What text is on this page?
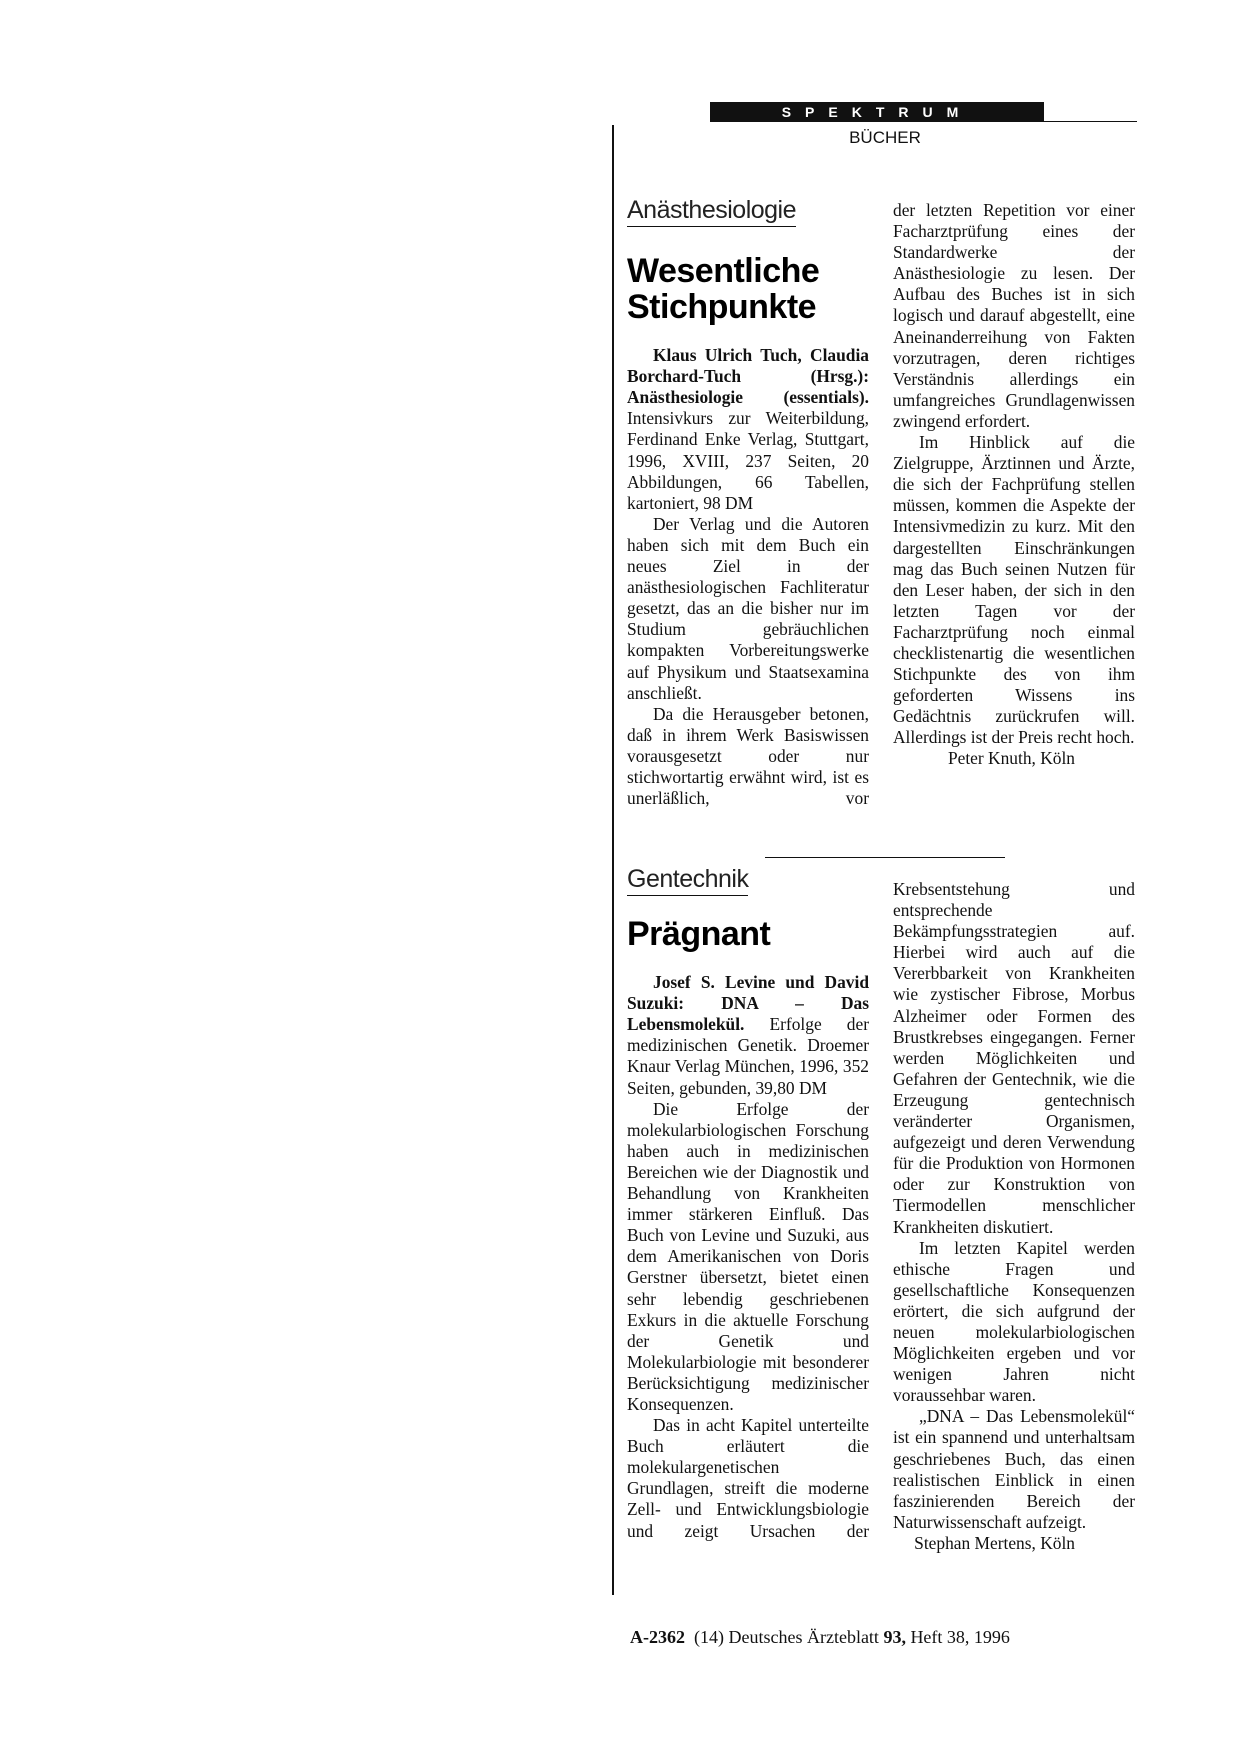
SPEKTRUM
BÜCHER
Anästhesiologie
Wesentliche
Stichpunkte

Klaus Ulrich Tuch, Claudia Borchard-Tuch (Hrsg.): Anästhesiologie (essentials). Intensivkurs zur Weiterbildung, Ferdinand Enke Verlag, Stuttgart, 1996, XVIII, 237 Seiten, 20 Abbildungen, 66 Tabellen, kartoniert, 98 DM

Der Verlag und die Autoren haben sich mit dem Buch ein neues Ziel in der anästhesiologischen Fachliteratur gesetzt, das an die bisher nur im Studium gebräuchlichen kompakten Vorbereitungswerke auf Physikum und Staatsexamina anschließt.

Da die Herausgeber betonen, daß in ihrem Werk Basiswissen vorausgesetzt oder nur stichwortartig erwähnt wird, ist es unerläßlich, vor

der letzten Repetition vor einer Facharztprüfung eines der Standardwerke der Anästhesiologie zu lesen. Der Aufbau des Buches ist in sich logisch und darauf abgestellt, eine Aneinanderreihung von Fakten vorzutragen, deren richtiges Verständnis allerdings ein umfangreiches Grundlagenwissen zwingend erfordert.

Im Hinblick auf die Zielgruppe, Ärztinnen und Ärzte, die sich der Fachprüfung stellen müssen, kommen die Aspekte der Intensivmedizin zu kurz. Mit den dargestellten Einschränkungen mag das Buch seinen Nutzen für den Leser haben, der sich in den letzten Tagen vor der Facharztprüfung noch einmal checklistenartig die wesentlichen Stichpunkte des von ihm geforderten Wissens ins Gedächtnis zurückrufen will. Allerdings ist der Preis recht hoch.

Peter Knuth, Köln

Gentechnik
Prägnant

Josef S. Levine und David Suzuki: DNA – Das Lebensmolekül. Erfolge der medizinischen Genetik. Droemer Knaur Verlag München, 1996, 352 Seiten, gebunden, 39,80 DM

Die Erfolge der molekularbiologischen Forschung haben auch in medizinischen Bereichen wie der Diagnostik und Behandlung von Krankheiten immer stärkeren Einfluß. Das Buch von Levine und Suzuki, aus dem Amerikanischen von Doris Gerstner übersetzt, bietet einen sehr lebendig geschriebenen Exkurs in die aktuelle Forschung der Genetik und Molekularbiologie mit besonderer Berücksichtigung medizinischer Konsequenzen.

Das in acht Kapitel unterteilte Buch erläutert die molekulargenetischen Grundlagen, streift die moderne Zell- und Entwicklungsbiologie und zeigt Ursachen der

Krebsentstehung und entsprechende Bekämpfungsstrategien auf. Hierbei wird auch auf die Vererbbarkeit von Krankheiten wie zystischer Fibrose, Morbus Alzheimer oder Formen des Brustkrebses eingegangen. Ferner werden Möglichkeiten und Gefahren der Gentechnik, wie die Erzeugung gentechnisch veränderter Organismen, aufgezeigt und deren Verwendung für die Produktion von Hormonen oder zur Konstruktion von Tiermodellen menschlicher Krankheiten diskutiert.

Im letzten Kapitel werden ethische Fragen und gesellschaftliche Konsequenzen erörtert, die sich aufgrund der neuen molekularbiologischen Möglichkeiten ergeben und vor wenigen Jahren nicht voraussehbar waren.

„DNA – Das Lebensmolekül“ ist ein spannend und unterhaltsam geschriebenes Buch, das einen realistischen Einblick in einen faszinierenden Bereich der Naturwissenschaft aufzeigt.

Stephan Mertens, Köln

A-2362 (14) Deutsches Ärzteblatt 93, Heft 38, 1996
